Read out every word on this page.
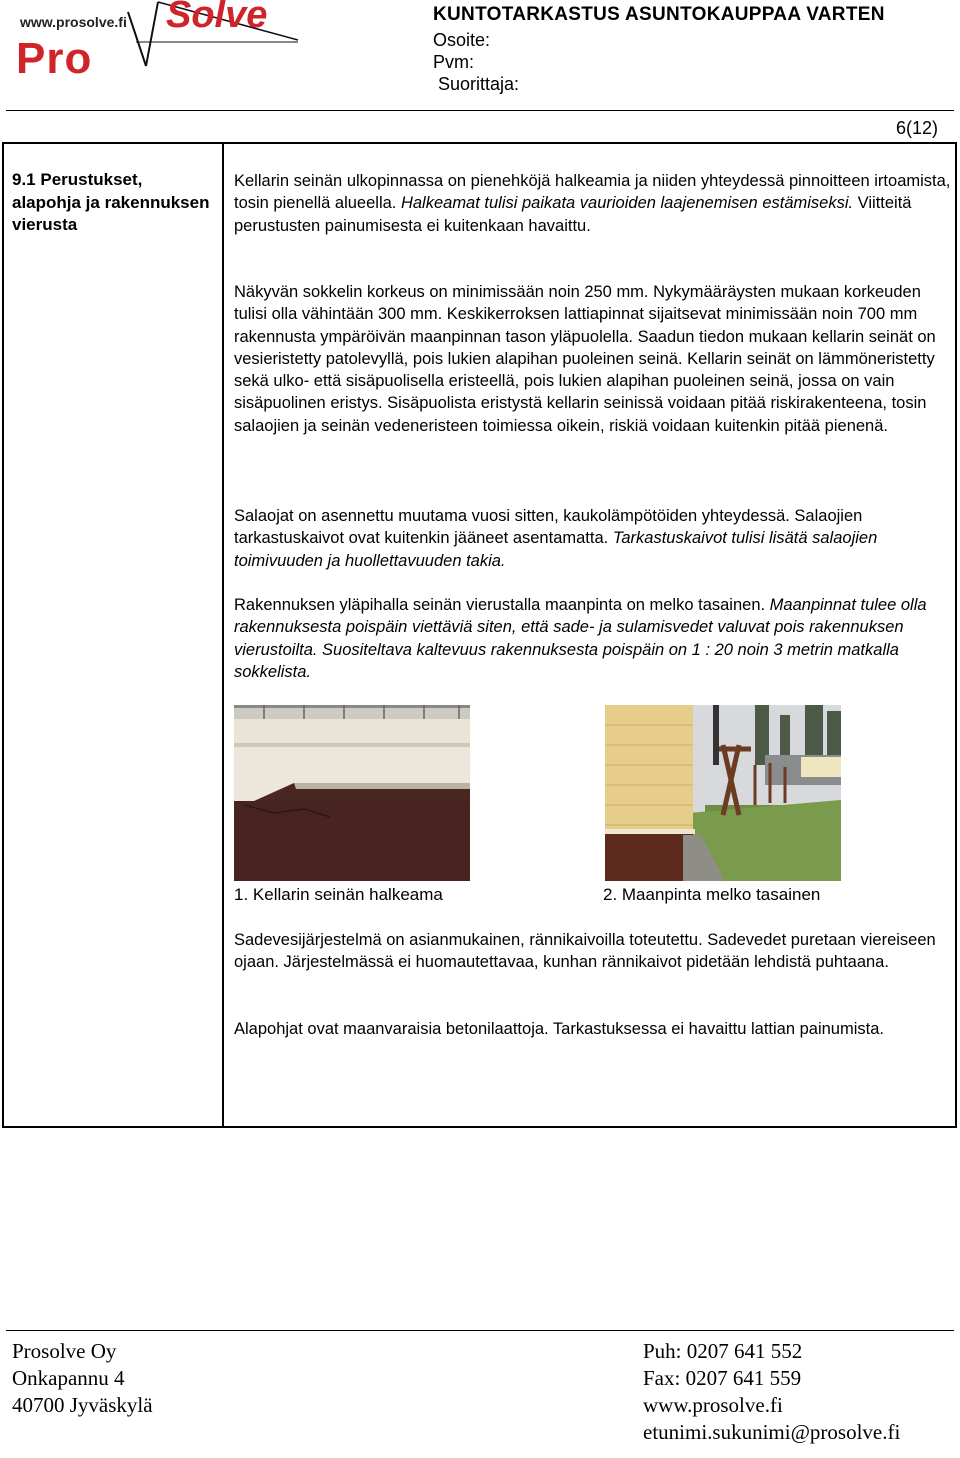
www.prosolve.fi Solve
Pro
KUNTOTARKASTUS ASUNTOKAUPPAA VARTEN
Osoite:
Pvm:
Suorittaja:
6(12)
9.1 Perustukset, alapohja ja rakennuksen vierusta
Kellarin seinän ulkopinnassa on pienehköjä halkeamia ja niiden yhteydessä pinnoitteen irtoamista, tosin pienellä alueella. Halkeamat tulisi paikata vaurioiden laajenemisen estämiseksi. Viitteitä perustusten painumisesta ei kuitenkaan havaittu.
Näkyvän sokkelin korkeus on minimissään noin 250 mm. Nykymääräysten mukaan korkeuden tulisi olla vähintään 300 mm. Keskikerroksen lattiapinnat sijaitsevat minimissään noin 700 mm rakennusta ympäröivän maanpinnan tason yläpuolella. Saadun tiedon mukaan kellarin seinät on vesieristetty patolevyllä, pois lukien alapihan puoleinen seinä. Kellarin seinät on lämmöneristetty sekä ulko- että sisäpuolisella eristeellä, pois lukien alapihan puoleinen seinä, jossa on vain sisäpuolinen eristys. Sisäpuolista eristystä kellarin seinissä voidaan pitää riskirakenteena, tosin salaojien ja seinän vedeneristeen toimiessa oikein, riskiä voidaan kuitenkin pitää pienenä.
Salaojat on asennettu muutama vuosi sitten, kaukolämpötöiden yhteydessä. Salaojien tarkastuskaivot ovat kuitenkin jääneet asentamatta. Tarkastuskaivot tulisi lisätä salaojien toimivuuden ja huollettavuuden takia.
Rakennuksen yläpihalla seinän vierustalla maanpinta on melko tasainen. Maanpinnat tulee olla rakennuksesta poispäin viettäviä siten, että sade- ja sulamisvedet valuvat pois rakennuksen vierustoilta. Suositeltava kaltevuus rakennuksesta poispäin on 1 : 20 noin 3 metrin matkalla sokkelista.
1. Kellarin seinän halkeama	2. Maanpinta melko tasainen
Sadevesijärjestelmä on asianmukainen, rännikaivoilla toteutettu. Sadevedet puretaan viereiseen ojaan. Järjestelmässä ei huomautettavaa, kunhan rännikaivot pidetään lehdistä puhtaana.
Alapohjat ovat maanvaraisia betonilaattoja. Tarkastuksessa ei havaittu lattian painumista.
Prosolve Oy
Onkapannu 4
40700 Jyväskylä
Puh: 0207 641 552
Fax: 0207 641 559
www.prosolve.fi
etunimi.sukunimi@prosolve.fi
